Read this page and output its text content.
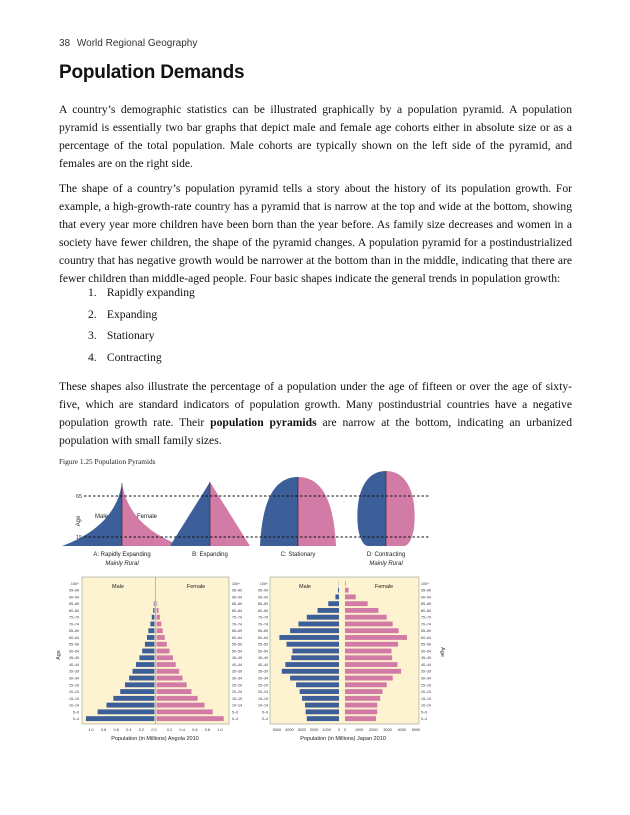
38 World Regional Geography
Population Demands
A country’s demographic statistics can be illustrated graphically by a population pyramid. A population pyramid is essentially two bar graphs that depict male and female age cohorts either in absolute size or as a percentage of the total population. Male cohorts are typically shown on the left side of the pyramid, and females are on the right side.
The shape of a country’s population pyramid tells a story about the history of its population growth. For example, a high-growth-rate country has a pyramid that is narrow at the top and wide at the bottom, showing that every year more children have been born than the year before. As family size decreases and women in a society have fewer children, the shape of the pyramid changes. A population pyramid for a postindustrialized country that has negative growth would be narrower at the bottom than in the middle, indicating that there are fewer children than middle-aged people. Four basic shapes indicate the general trends in population growth:
1. Rapidly expanding
2. Expanding
3. Stationary
4. Contracting
These shapes also illustrate the percentage of a population under the age of fifteen or over the age of sixty-five, which are standard indicators of population growth. Many postindustrial countries have a negative population growth rate. Their population pyramids are narrow at the bottom, indicating an urbanized population with small family sizes.
Figure 1.25 Population Pyramids
65
15
Age Male	Female
A: Rapidly Expanding
Mainly Rural
B: Expanding	C: Stationary	D: Contracting
Mainly Rural
Male	Female
Age
Population (in Millions) Angola 2010
0–4	0–4
5–9	5–9
10–14	10–14
15–19	15–19
20–24	20–24
25–29	25–29
30–34	30–34
35–39	35–39
40–44	40–44
45–49	45–49
50–54	50–54
55–59	55–59
60–64	60–64
65–69	65–69
70–74	70–74
75–79	75–79
80–84	80–84
85–89	85–89
90–94	90–94
95–99	95–99
100+	100+
1.0 0.8 0.6 0.4 0.2 0.0	0.2 0.4 0.6 0.8 1.0
Male	Female
Age
Population (in Millions) Japan 2010
0–4	0–4
5–9	5–9
10–14	10–14
15–19	15–19
20–24	20–24
25–29	25–29
30–34	30–34
35–39	35–39
40–44	40–44
45–49	45–49
50–54	50–54
55–59	55–59
60–64	60–64
65–69	65–69
70–74	70–74
75–79	75–79
80–84	80–84
85–89	85–89
90–94	90–94
95–99	95–99
100+	100+
5000 4000 3000 2000 1000 0 0 1000 2000 3000 4000 5000
